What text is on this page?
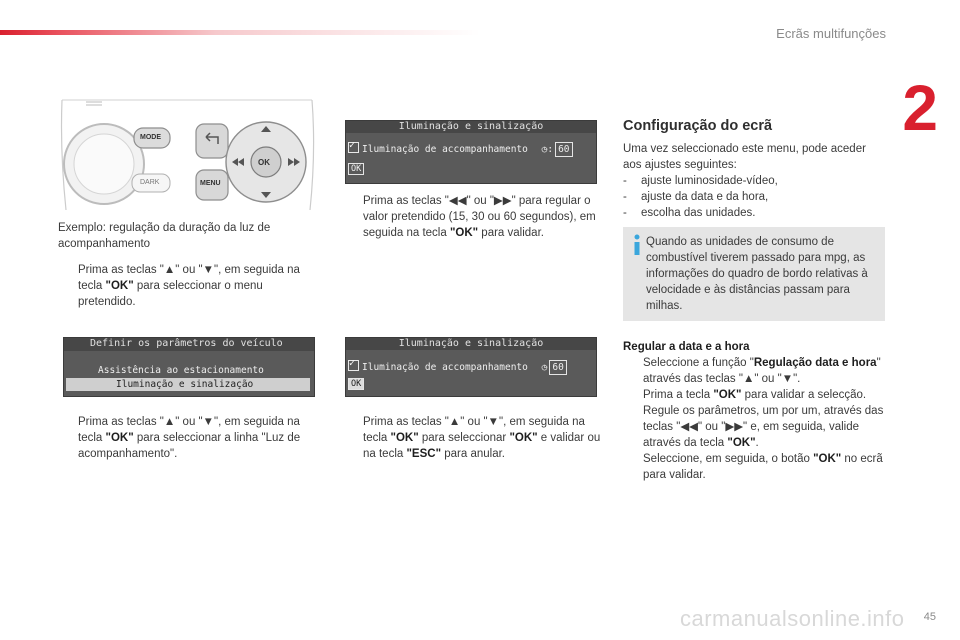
Ecrãs multifunções
2
MODE
DARK	MENU
OK
Exemplo: regulação da duração da luz de acompanhamento
Prima as teclas "▲" ou "▼", em seguida na tecla "OK" para seleccionar o menu pretendido.
Definir os parâmetros do veículo
Assistência ao estacionamento
Iluminação e sinalização
Prima as teclas "▲" ou "▼", em seguida na tecla "OK" para seleccionar a linha "Luz de acompanhamento".
Iluminação e sinalização
✓Iluminação de accompanhamento ◷: 60
OK
Prima as teclas "◀◀" ou "▶▶" para regular o valor pretendido (15, 30 ou 60 segundos), em seguida na tecla "OK" para validar.
Iluminação e sinalização
✓Iluminação de accompanhamento ◷ 60
OK
Prima as teclas "▲" ou "▼", em seguida na tecla "OK" para seleccionar "OK" e validar ou na tecla "ESC" para anular.
Configuração do ecrã
Uma vez seleccionado este menu, pode aceder aos ajustes seguintes:
-	ajuste luminosidade-vídeo,
-	ajuste da data e da hora,
-	escolha das unidades.
Quando as unidades de consumo de combustível tiverem passado para mpg, as informações do quadro de bordo relativas à velocidade e às distâncias passam para milhas.
Regular a data e a hora
Seleccione a função "Regulação data e hora" através das teclas "▲" ou "▼".
Prima a tecla "OK" para validar a selecção.
Regule os parâmetros, um por um, através das teclas "◀◀" ou "▶▶" e, em seguida, valide através da tecla "OK".
Seleccione, em seguida, o botão "OK" no ecrã para validar.
carmanualsonline.info 45
